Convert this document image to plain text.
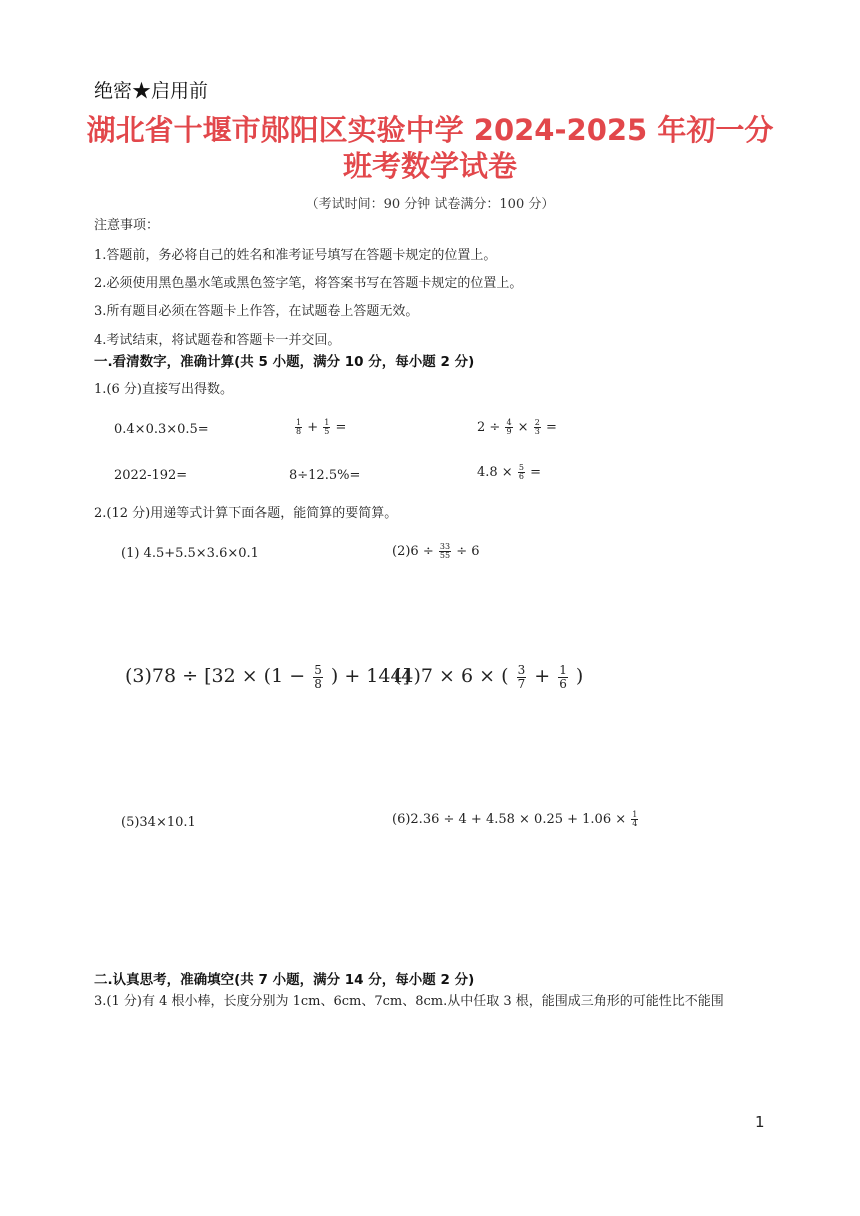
绝密★启用前
湖北省十堰市郧阳区实验中学 2024-2025 年初一分
班考数学试卷
（考试时间：90 分钟 试卷满分：100 分）
注意事项：
1.答题前，务必将自己的姓名和准考证号填写在答题卡规定的位置上。
2.必须使用黑色墨水笔或黑色签字笔，将答案书写在答题卡规定的位置上。
3.所有题目必须在答题卡上作答，在试题卷上答题无效。
4.考试结束，将试题卷和答题卡一并交回。
一.看清数字，准确计算(共 5 小题，满分 10 分，每小题 2 分)
1.(6 分)直接写出得数。
0.4×0.3×0.5=	$\frac{1}{8} + \frac{1}{5}$ =	$2 \div \frac{4}{9} \times \frac{2}{3}$ =
2022-192=	8÷12.5%=	$4.8 \times \frac{5}{6}$ =
2.(12 分)用递等式计算下面各题，能简算的要简算。
(1) 4.5+5.5×3.6×0.1	$(2)6 \div \frac{33}{55} \div 6$
$(3)78 \div [32 \times (1 - \frac{5}{8}$ ) + 144]
(4)7 × 6 × ( $\frac{3}{7} + \frac{1}{6}$ )
(5)34×10.1	$(6)2.36 \div 4 + 4.58 \times 0.25 + 1.06 \times \frac{1}{4}$
二.认真思考，准确填空(共 7 小题，满分 14 分，每小题 2 分)
3.(1 分)有 4 根小棒，长度分别为 1cm、6cm、7cm、8cm.从中任取 3 根，能围成三角形的可能性比不能围
1
